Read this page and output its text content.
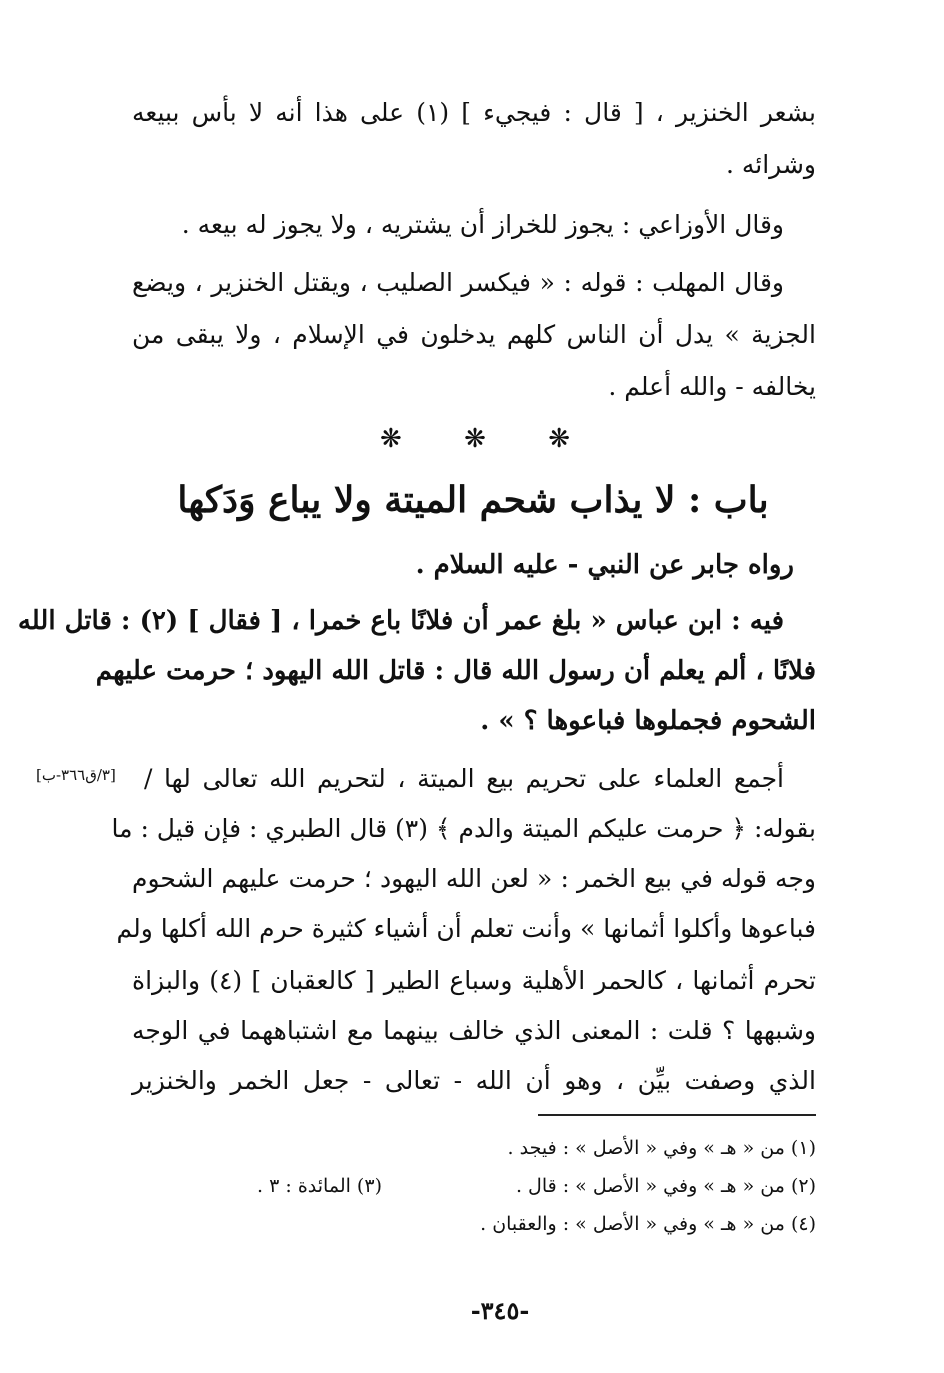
بشعر الخنزير ، [ قال : فيجيء ] (١) على هذا أنه لا بأس ببيعه
وشرائه .
وقال الأوزاعي : يجوز للخراز أن يشتريه ، ولا يجوز له بيعه .
وقال المهلب : قوله : « فيكسر الصليب ، ويقتل الخنزير ، ويضع
الجزية » يدل أن الناس كلهم يدخلون في الإسلام ، ولا يبقى من
يخالفه - والله أعلم .
❋ ❋ ❋
باب : لا يذاب شحم الميتة ولا يباع وَدَكها
رواه جابر عن النبي - عليه السلام .
فيه : ابن عباس « بلغ عمر أن فلانًا باع خمرا ، [ فقال ] (٢) : قاتل الله
فلانًا ، ألم يعلم أن رسول الله قال : قاتل الله اليهود ؛ حرمت عليهم
الشحوم فجملوها فباعوها ؟ » .
[٣/ق٣٦٦-ب]	أجمع العلماء على تحريم بيع الميتة ، لتحريم الله تعالى لها /
بقوله: ﴿ حرمت عليكم الميتة والدم ﴾ (٣) قال الطبري : فإن قيل : ما
وجه قوله في بيع الخمر : « لعن الله اليهود ؛ حرمت عليهم الشحوم
فباعوها وأكلوا أثمانها » وأنت تعلم أن أشياء كثيرة حرم الله أكلها ولم
تحرم أثمانها ، كالحمر الأهلية وسباع الطير [ كالعقبان ] (٤) والبزاة
وشبهها ؟ قلت : المعنى الذي خالف بينهما مع اشتباههما في الوجه
الذي وصفت بيِّن ، وهو أن الله - تعالى - جعل الخمر والخنزير
(١) من « هـ » وفي « الأصل » : فيجد .
(٢) من « هـ » وفي « الأصل » : قال .
(٣) المائدة : ٣ .
(٤) من « هـ » وفي « الأصل » : والعقبان .
-٣٤٥-
